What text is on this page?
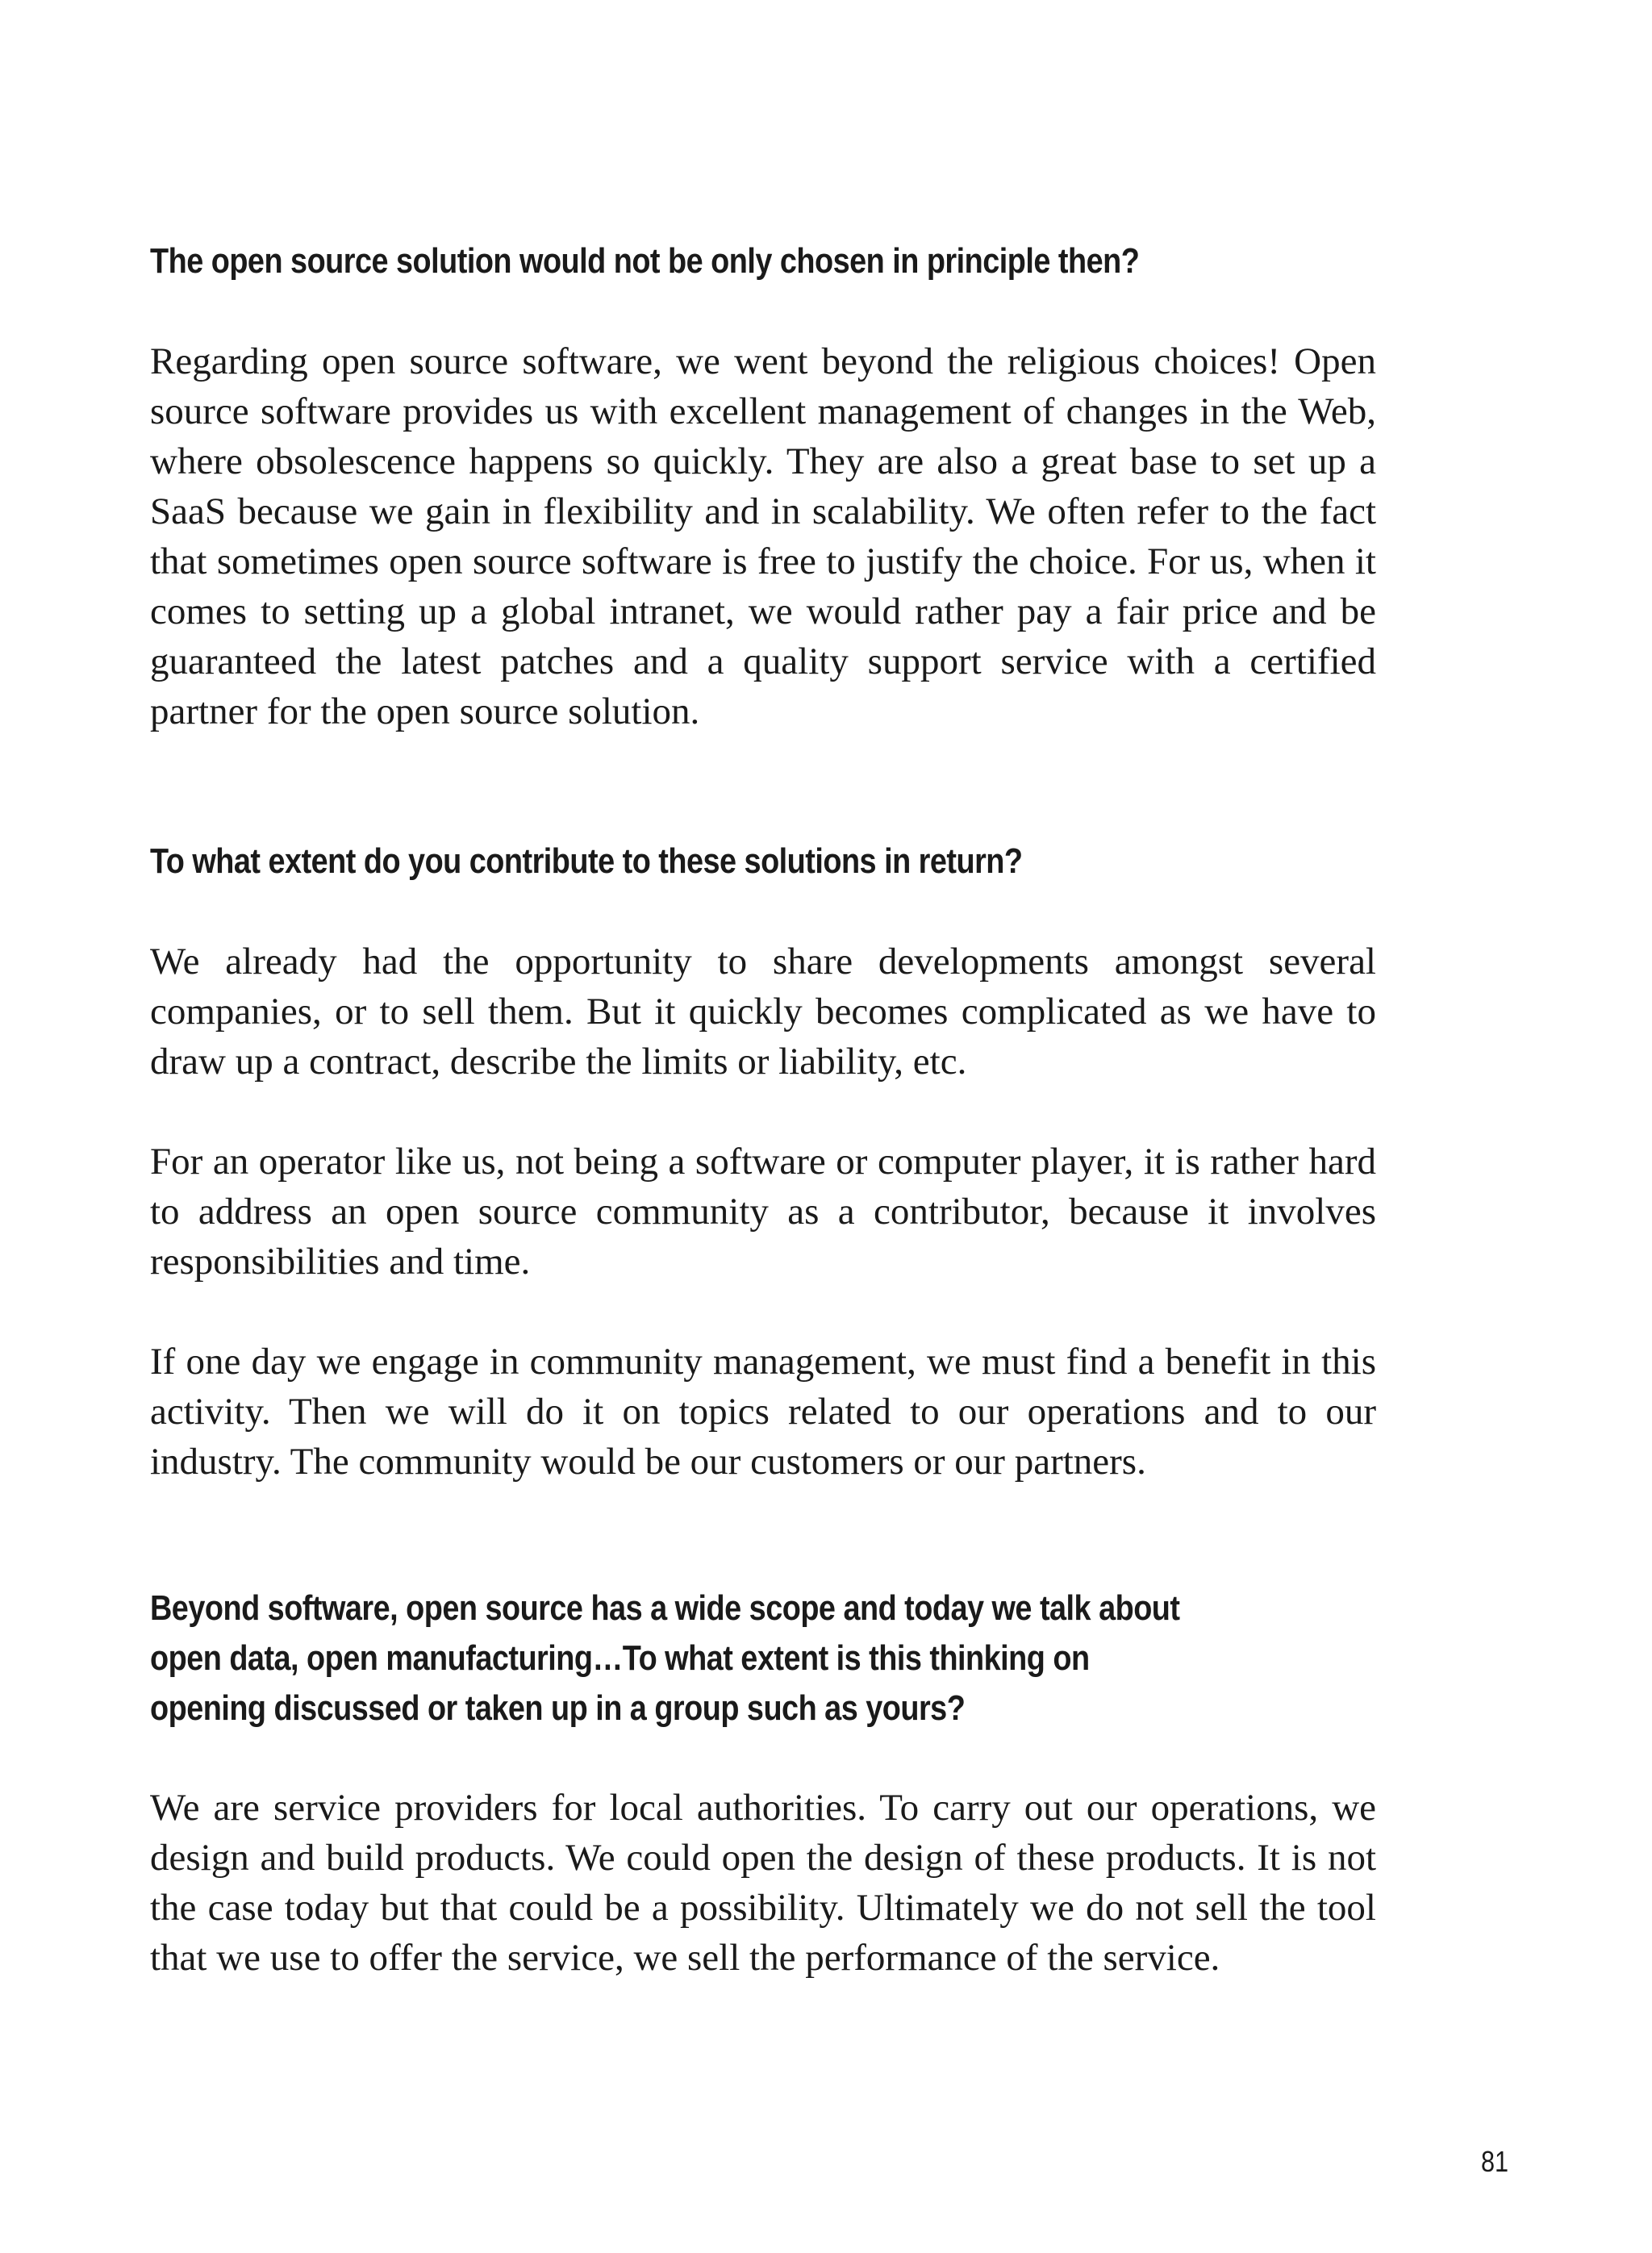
The open source solution would not be only chosen in principle then?

Regarding open source software, we went beyond the religious choices! Open source software provides us with excellent management of changes in the Web, where obsolescence happens so quickly. They are also a great base to set up a SaaS because we gain in flexibility and in scalability. We often refer to the fact that sometimes open source software is free to justify the choice. For us, when it comes to setting up a global intranet, we would rather pay a fair price and be guaranteed the latest patches and a quality support service with a certified partner for the open source solution.

To what extent do you contribute to these solutions in return?

We already had the opportunity to share developments amongst several companies, or to sell them. But it quickly becomes complicated as we have to draw up a contract, describe the limits or liability, etc.

For an operator like us, not being a software or computer player, it is rather hard to address an open source community as a contributor, because it involves responsibilities and time.

If one day we engage in community management, we must find a benefit in this activity. Then we will do it on topics related to our operations and to our industry. The community would be our customers or our partners.

Beyond software, open source has a wide scope and today we talk about open data, open manufacturing…To what extent is this thinking on opening discussed or taken up in a group such as yours?

We are service providers for local authorities. To carry out our operations, we design and build products. We could open the design of these products. It is not the case today but that could be a possibility. Ultimately we do not sell the tool that we use to offer the service, we sell the performance of the service.

81
